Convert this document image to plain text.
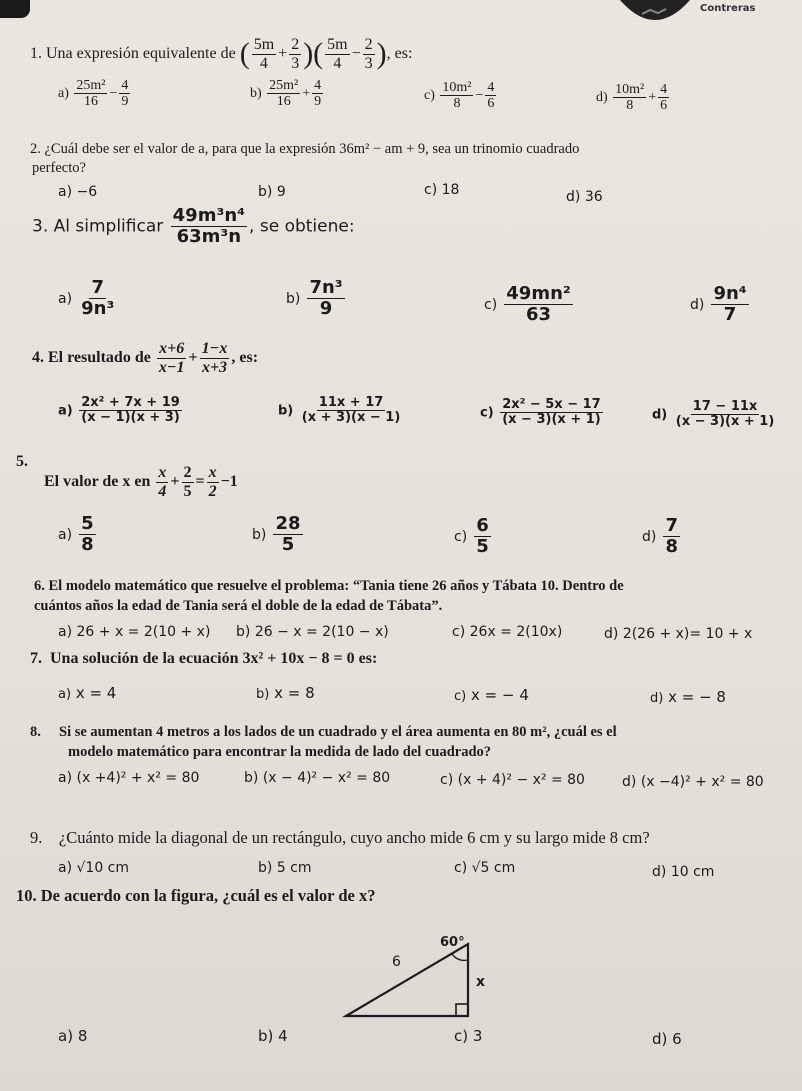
Contreras
1. Una expresión equivalente de ( $\frac{5m}{4} + \frac{2}{3}$ )( $\frac{5m}{4} - \frac{2}{3}$ ), es:
$a) \frac{\text{25m²}}{16} - \frac{4}{9}$	$b) \frac{\text{25m²}}{16} + \frac{4}{9}$	$c) \frac{\text{10m²}}{8} - \frac{4}{6}$	$d) \frac{\text{10m²}}{8} + \frac{4}{6}$
2. ¿Cuál debe ser el valor de a, para que la expresión 36m² − am + 9, sea un trinomio cuadrado
perfecto?
a) −6	b) 9	c) 18	d) 36
3. Al simplificar $\frac{\text{49m³n⁴}}{\text{63m³n}}$ , se obtiene:
$a) \frac{7}{\text{9n³}}$	$b) \frac{\text{7n³}}{9}$	$c) \frac{\text{49mn²}}{63}$	$d) \frac{\text{9n⁴}}{7}$
4. El resultado de $\frac{x+6}{x-1} + \frac{1-x}{x+3}$ , es:
$a) \frac{\text{2x² + 7x + 19}}{(x - 1)(x + 3)}$	$b) \frac{11x + 17}{(x + 3)(x - 1)}$	$c) \frac{\text{2x² − 5x − 17}}{(x - 3)(x + 1)}$	$d) \frac{17 - 11x}{(x - 3)(x + 1)}$
5.
El valor de x en $\frac{x}{4} + \frac{2}{5} = \frac{x}{2} -1$
$a) \frac{5}{8}$	$b) \frac{28}{5}$	$c) \frac{6}{5}$	$d) \frac{7}{8}$
6. El modelo matemático que resuelve el problema: “Tania tiene 26 años y Tábata 10. Dentro de
cuántos años la edad de Tania será el doble de la edad de Tábata”.
a) 26 + x = 2(10 + x) b) 26 − x = 2(10 − x)	c) 26x = 2(10x)	d) 2(26 + x)= 10 + x
7. Una solución de la ecuación 3x² + 10x − 8 = 0 es:
a) x = 4	b) x = 8	c) x = − 4	d) x = − 8
8. Si se aumentan 4 metros a los lados de un cuadrado y el área aumenta en 80 m², ¿cuál es el
modelo matemático para encontrar la medida de lado del cuadrado?
a) (x +4)² + x² = 80	b) (x − 4)² − x² = 80	c) (x + 4)² − x² = 80	d) (x −4)² + x² = 80
9. ¿Cuánto mide la diagonal de un rectángulo, cuyo ancho mide 6 cm y su largo mide 8 cm?
a) √10 cm	b) 5 cm	c) √5 cm	d) 10 cm
10. De acuerdo con la figura, ¿cuál es el valor de x?
6
60°
x
a) 8	b) 4	c) 3	d) 6
